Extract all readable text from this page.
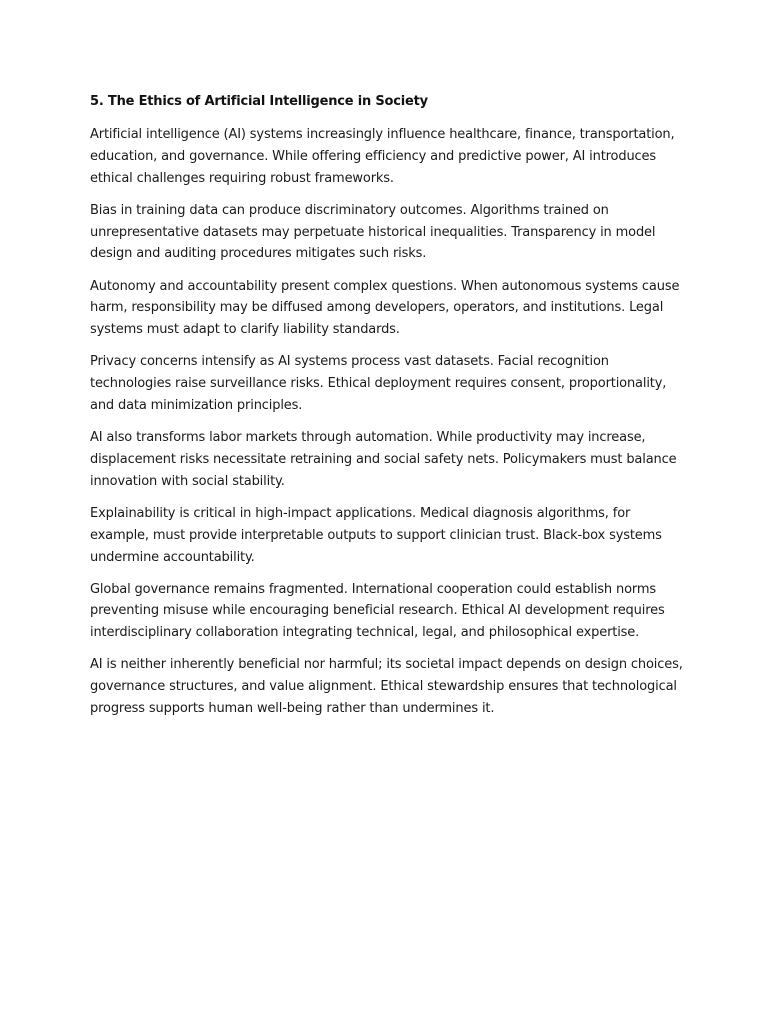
5. The Ethics of Artificial Intelligence in Society

Artificial intelligence (AI) systems increasingly influence healthcare, finance, transportation, education, and governance. While offering efficiency and predictive power, AI introduces ethical challenges requiring robust frameworks.

Bias in training data can produce discriminatory outcomes. Algorithms trained on unrepresentative datasets may perpetuate historical inequalities. Transparency in model design and auditing procedures mitigates such risks.

Autonomy and accountability present complex questions. When autonomous systems cause harm, responsibility may be diffused among developers, operators, and institutions. Legal systems must adapt to clarify liability standards.

Privacy concerns intensify as AI systems process vast datasets. Facial recognition technologies raise surveillance risks. Ethical deployment requires consent, proportionality, and data minimization principles.

AI also transforms labor markets through automation. While productivity may increase, displacement risks necessitate retraining and social safety nets. Policymakers must balance innovation with social stability.

Explainability is critical in high-impact applications. Medical diagnosis algorithms, for example, must provide interpretable outputs to support clinician trust. Black-box systems undermine accountability.

Global governance remains fragmented. International cooperation could establish norms preventing misuse while encouraging beneficial research. Ethical AI development requires interdisciplinary collaboration integrating technical, legal, and philosophical expertise.

AI is neither inherently beneficial nor harmful; its societal impact depends on design choices, governance structures, and value alignment. Ethical stewardship ensures that technological progress supports human well-being rather than undermines it.
